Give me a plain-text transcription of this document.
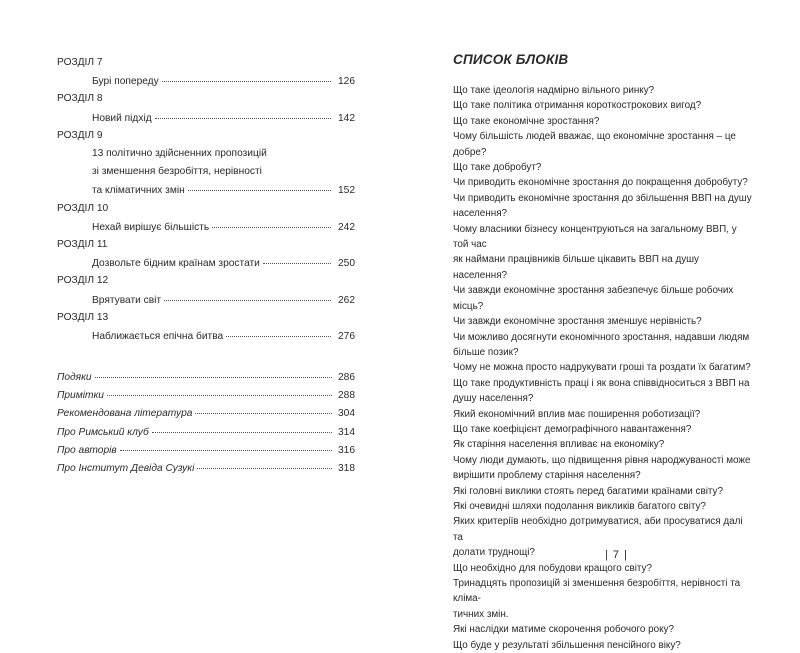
РОЗДІЛ 7
Бурі попереду	126
РОЗДІЛ 8
Новий підхід	142
РОЗДІЛ 9
13 політично здійсненних пропозицій
зі зменшення безробіття, нерівності
та кліматичних змін	152
РОЗДІЛ 10
Нехай вирішує більшість	242
РОЗДІЛ 11
Дозвольте бідним країнам зростати	250
РОЗДІЛ 12
Врятувати світ	262
РОЗДІЛ 13
Наближається епічна битва	276
Подяки	286
Примітки	288
Рекомендована література	304
Про Римський клуб	314
Про авторів	316
Про Інститут Девіда Сузукі	318
СПИСОК БЛОКІВ
Що таке ідеологія надмірно вільного ринку?
Що таке політика отримання короткострокових вигод?
Що таке економічне зростання?
Чому більшість людей вважає, що економічне зростання – це добре?
Що таке добробут?
Чи приводить економічне зростання до покращення добробуту?
Чи приводить економічне зростання до збільшення ВВП на душу
населення?
Чому власники бізнесу концентруються на загальному ВВП, у той час
як наймани працівників більше цікавить ВВП на душу населення?
Чи завжди економічне зростання забезпечує більше робочих місць?
Чи завжди економічне зростання зменшує нерівність?
Чи можливо досягнути економічного зростання, надавши людям
більше позик?
Чому не можна просто надрукувати гроші та роздати їх багатим?
Що таке продуктивність праці і як вона співвідноситься з ВВП на
душу населення?
Який економічний вплив має поширення роботизації?
Що таке коефіцієнт демографічного навантаження?
Як старіння населення впливає на економіку?
Чому люди думають, що підвищення рівня народжуваності може
вирішити проблему старіння населення?
Які головні виклики стоять перед багатими країнами світу?
Які очевидні шляхи подолання викликів багатого світу?
Яких критеріїв необхідно дотримуватися, аби просуватися далі та
долати труднощі?
Що необхідно для побудови кращого світу?
Тринадцять пропозицій зі зменшення безробіття, нерівності та кліма-
тичних змін.
Які наслідки матиме скорочення робочого року?
Що буде у результаті збільшення пенсійного віку?
| 7 |
